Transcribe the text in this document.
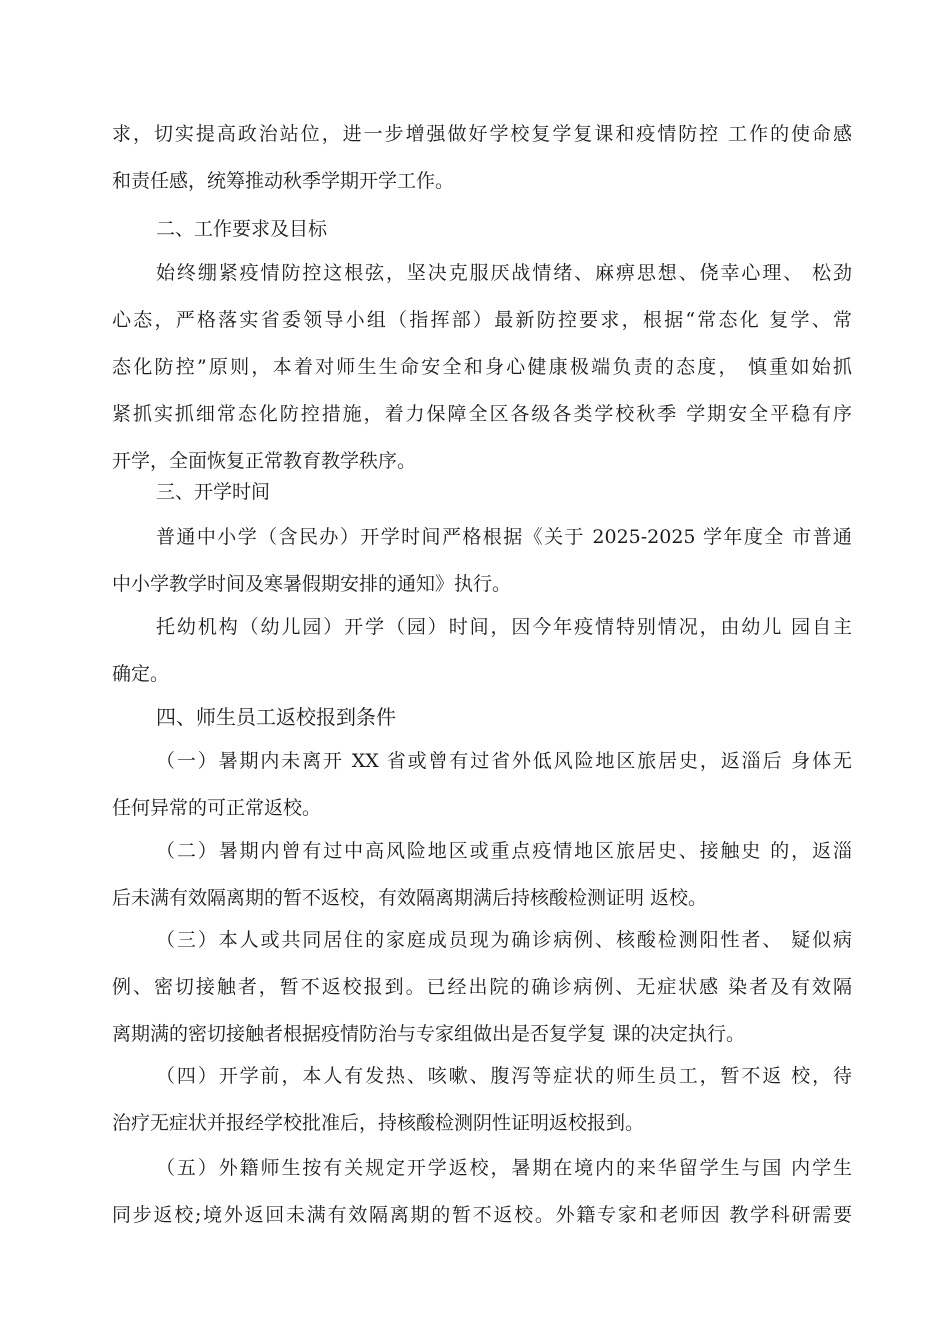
求，切实提高政治站位，进一步增强做好学校复学复课和疫情防控 工作的使命感
和责任感，统筹推动秋季学期开学工作。
二、工作要求及目标
始终绷紧疫情防控这根弦，坚决克服厌战情绪、麻痹思想、侥幸心理、 松劲
心态，严格落实省委领导小组（指挥部）最新防控要求，根据“常态化 复学、常
态化防控”原则，本着对师生生命安全和身心健康极端负责的态度， 慎重如始抓
紧抓实抓细常态化防控措施，着力保障全区各级各类学校秋季 学期安全平稳有序
开学，全面恢复正常教育教学秩序。
三、开学时间
普通中小学（含民办）开学时间严格根据《关于 2025-2025 学年度全 市普通
中小学教学时间及寒暑假期安排的通知》执行。
托幼机构（幼儿园）开学（园）时间，因今年疫情特别情况，由幼儿 园自主
确定。
四、师生员工返校报到条件
（一）暑期内未离开 XX 省或曾有过省外低风险地区旅居史，返淄后 身体无
任何异常的可正常返校。
（二）暑期内曾有过中高风险地区或重点疫情地区旅居史、接触史 的，返淄
后未满有效隔离期的暂不返校，有效隔离期满后持核酸检测证明 返校。
（三）本人或共同居住的家庭成员现为确诊病例、核酸检测阳性者、 疑似病
例、密切接触者，暂不返校报到。已经出院的确诊病例、无症状感 染者及有效隔
离期满的密切接触者根据疫情防治与专家组做出是否复学复 课的决定执行。
（四）开学前，本人有发热、咳嗽、腹泻等症状的师生员工，暂不返 校，待
治疗无症状并报经学校批准后，持核酸检测阴性证明返校报到。
（五）外籍师生按有关规定开学返校，暑期在境内的来华留学生与国 内学生
同步返校;境外返回未满有效隔离期的暂不返校。外籍专家和老师因 教学科研需要
